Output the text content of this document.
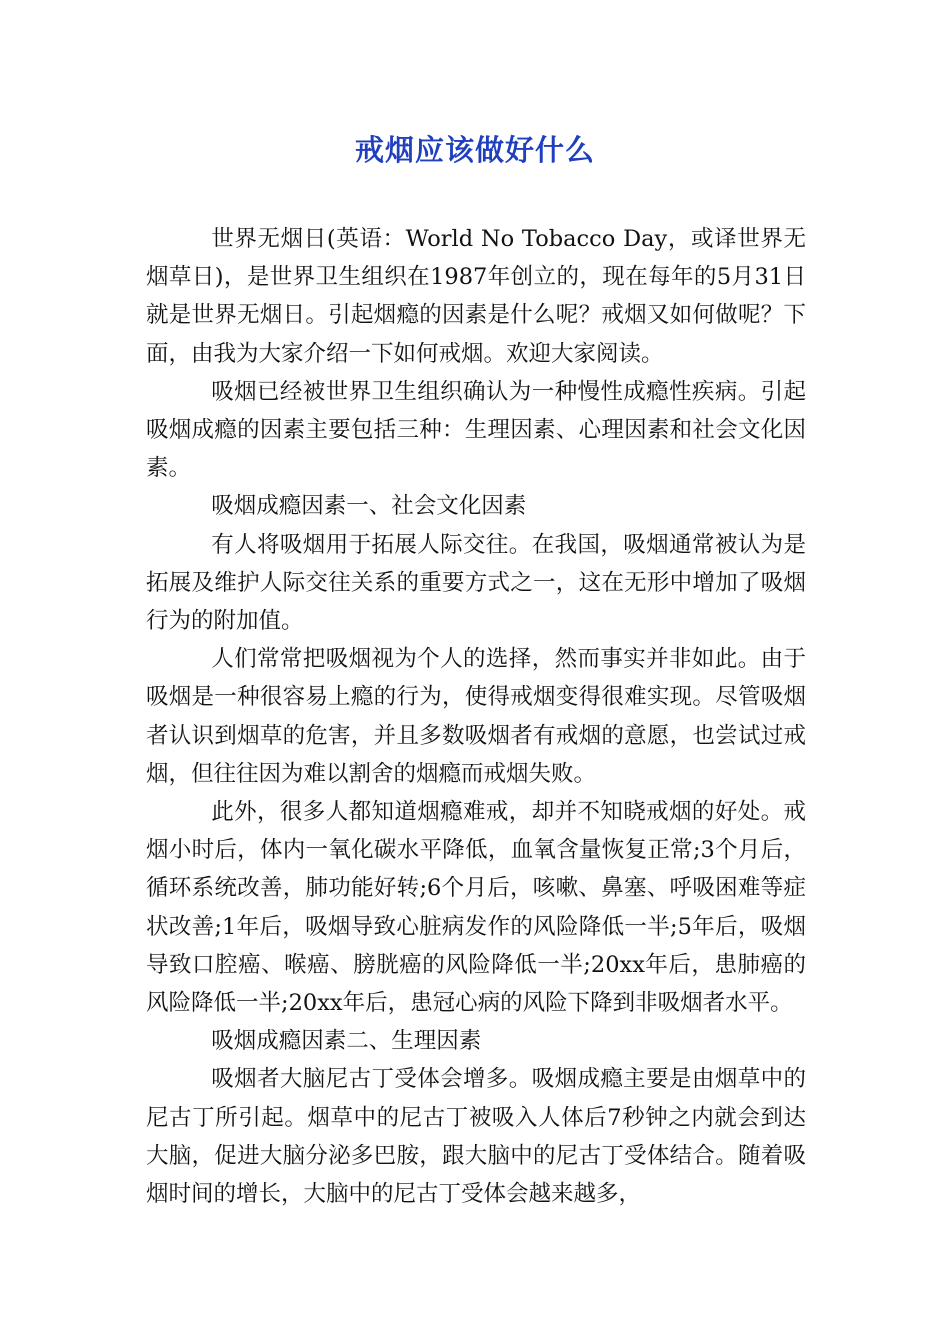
戒烟应该做好什么

世界无烟日(英语：World No Tobacco Day，或译世界无烟草日)，是世界卫生组织在1987年创立的，现在每年的5月31日就是世界无烟日。引起烟瘾的因素是什么呢？戒烟又如何做呢？下面，由我为大家介绍一下如何戒烟。欢迎大家阅读。

吸烟已经被世界卫生组织确认为一种慢性成瘾性疾病。引起吸烟成瘾的因素主要包括三种：生理因素、心理因素和社会文化因素。

吸烟成瘾因素一、社会文化因素

有人将吸烟用于拓展人际交往。在我国，吸烟通常被认为是拓展及维护人际交往关系的重要方式之一，这在无形中增加了吸烟行为的附加值。

人们常常把吸烟视为个人的选择，然而事实并非如此。由于吸烟是一种很容易上瘾的行为，使得戒烟变得很难实现。尽管吸烟者认识到烟草的危害，并且多数吸烟者有戒烟的意愿，也尝试过戒烟，但往往因为难以割舍的烟瘾而戒烟失败。

此外，很多人都知道烟瘾难戒，却并不知晓戒烟的好处。戒烟小时后，体内一氧化碳水平降低，血氧含量恢复正常;3个月后，循环系统改善，肺功能好转;6个月后，咳嗽、鼻塞、呼吸困难等症状改善;1年后，吸烟导致心脏病发作的风险降低一半;5年后，吸烟导致口腔癌、喉癌、膀胱癌的风险降低一半;20xx年后，患肺癌的风险降低一半;20xx年后，患冠心病的风险下降到非吸烟者水平。

吸烟成瘾因素二、生理因素

吸烟者大脑尼古丁受体会增多。吸烟成瘾主要是由烟草中的尼古丁所引起。烟草中的尼古丁被吸入人体后7秒钟之内就会到达大脑，促进大脑分泌多巴胺，跟大脑中的尼古丁受体结合。随着吸烟时间的增长，大脑中的尼古丁受体会越来越多，
